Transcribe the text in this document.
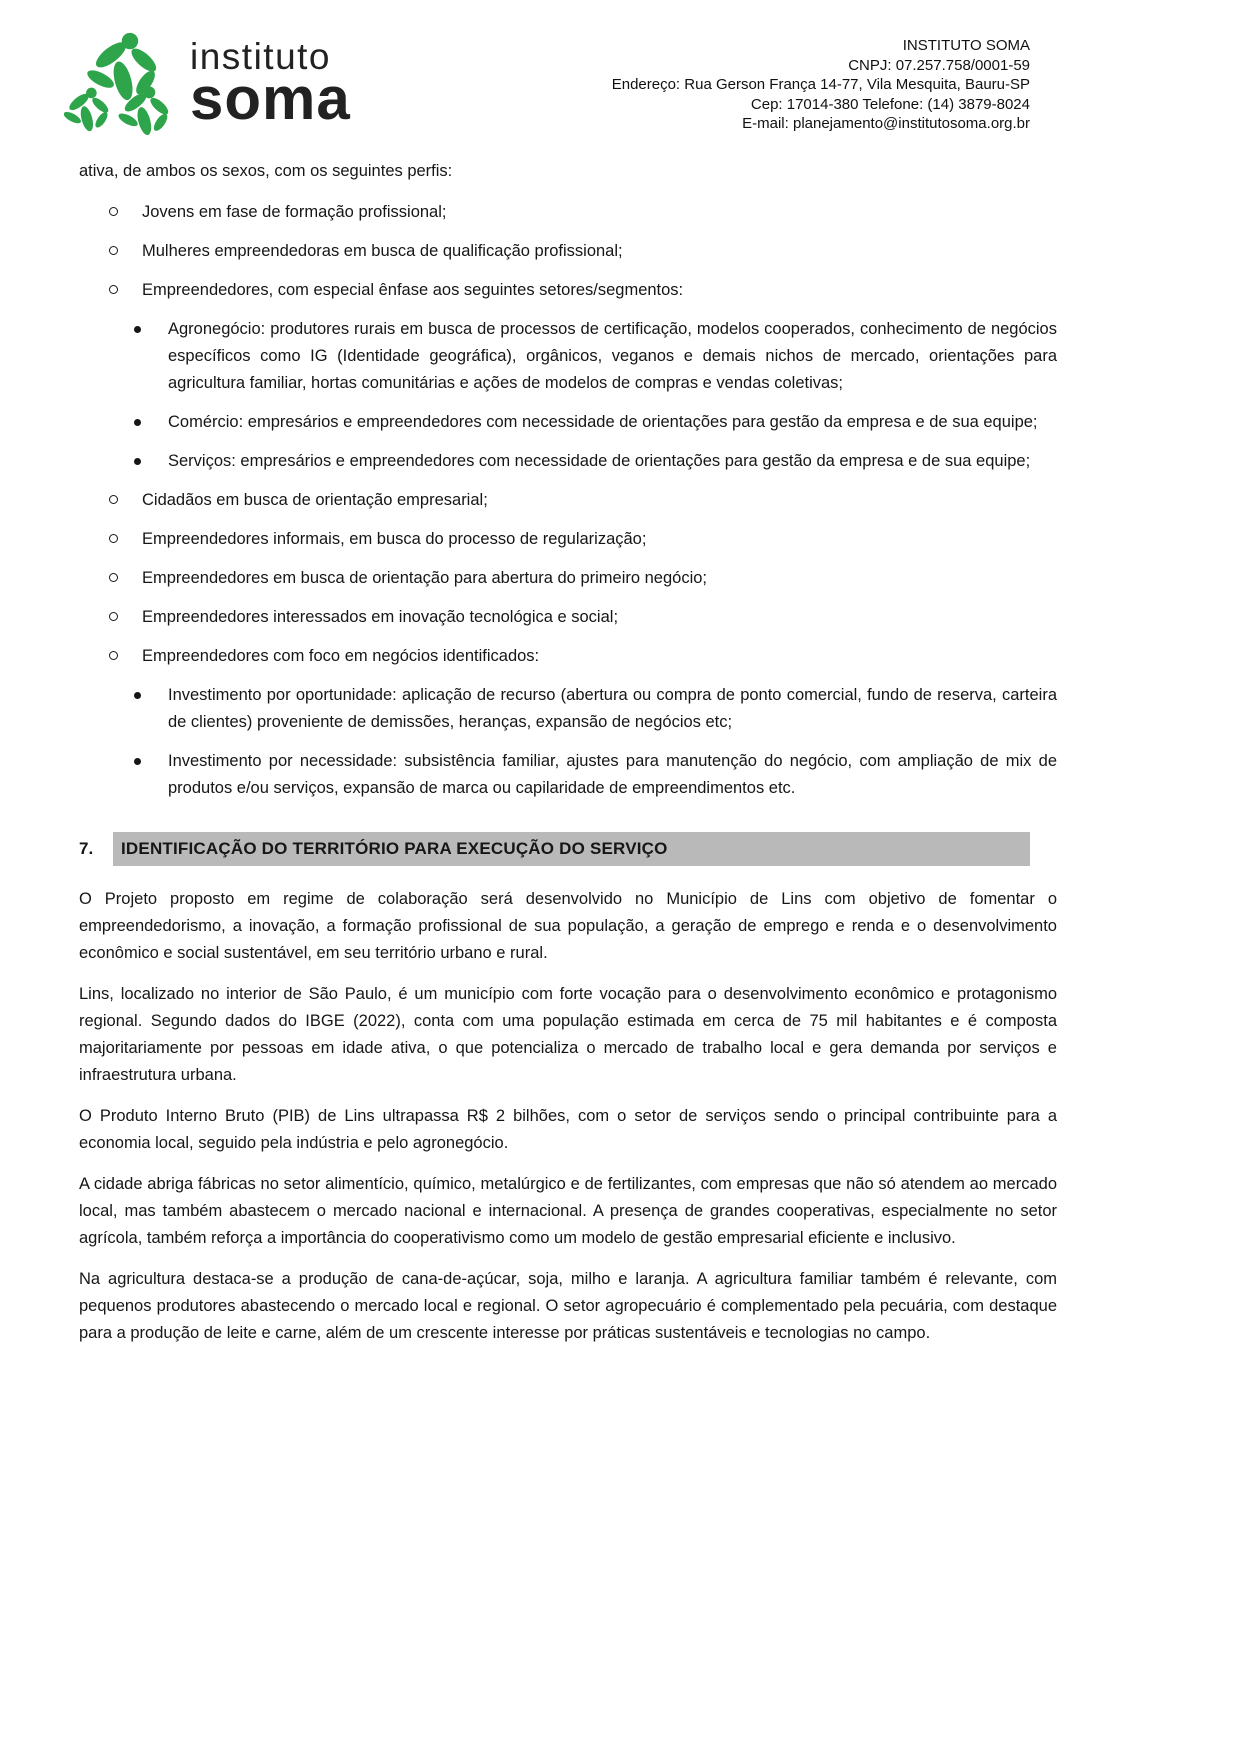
instituto
soma
INSTITUTO SOMA
CNPJ: 07.257.758/0001-59
Endereço: Rua Gerson França 14-77, Vila Mesquita, Bauru-SP
Cep: 17014-380 Telefone: (14) 3879-8024
E-mail: planejamento@institutosoma.org.br

ativa, de ambos os sexos, com os seguintes perfis:

Jovens em fase de formação profissional;
Mulheres empreendedoras em busca de qualificação profissional;
Empreendedores, com especial ênfase aos seguintes setores/segmentos:
Agronegócio: produtores rurais em busca de processos de certificação, modelos cooperados, conhecimento de negócios específicos como IG (Identidade geográfica), orgânicos, veganos e demais nichos de mercado, orientações para agricultura familiar, hortas comunitárias e ações de modelos de compras e vendas coletivas;
Comércio: empresários e empreendedores com necessidade de orientações para gestão da empresa e de sua equipe;
Serviços: empresários e empreendedores com necessidade de orientações para gestão da empresa e de sua equipe;
Cidadãos em busca de orientação empresarial;
Empreendedores informais, em busca do processo de regularização;
Empreendedores em busca de orientação para abertura do primeiro negócio;
Empreendedores interessados em inovação tecnológica e social;
Empreendedores com foco em negócios identificados:
Investimento por oportunidade: aplicação de recurso (abertura ou compra de ponto comercial, fundo de reserva, carteira de clientes) proveniente de demissões, heranças, expansão de negócios etc;
Investimento por necessidade: subsistência familiar, ajustes para manutenção do negócio, com ampliação de mix de produtos e/ou serviços, expansão de marca ou capilaridade de empreendimentos etc.
7.	IDENTIFICAÇÃO DO TERRITÓRIO PARA EXECUÇÃO DO SERVIÇO

O Projeto proposto em regime de colaboração será desenvolvido no Município de Lins com objetivo de fomentar o empreendedorismo, a inovação, a formação profissional de sua população, a geração de emprego e renda e o desenvolvimento econômico e social sustentável, em seu território urbano e rural.

Lins, localizado no interior de São Paulo, é um município com forte vocação para o desenvolvimento econômico e protagonismo regional. Segundo dados do IBGE (2022), conta com uma população estimada em cerca de 75 mil habitantes e é composta majoritariamente por pessoas em idade ativa, o que potencializa o mercado de trabalho local e gera demanda por serviços e infraestrutura urbana.

O Produto Interno Bruto (PIB) de Lins ultrapassa R$ 2 bilhões, com o setor de serviços sendo o principal contribuinte para a economia local, seguido pela indústria e pelo agronegócio.

A cidade abriga fábricas no setor alimentício, químico, metalúrgico e de fertilizantes, com empresas que não só atendem ao mercado local, mas também abastecem o mercado nacional e internacional. A presença de grandes cooperativas, especialmente no setor agrícola, também reforça a importância do cooperativismo como um modelo de gestão empresarial eficiente e inclusivo.

Na agricultura destaca-se a produção de cana-de-açúcar, soja, milho e laranja. A agricultura familiar também é relevante, com pequenos produtores abastecendo o mercado local e regional. O setor agropecuário é complementado pela pecuária, com destaque para a produção de leite e carne, além de um crescente interesse por práticas sustentáveis e tecnologias no campo.
